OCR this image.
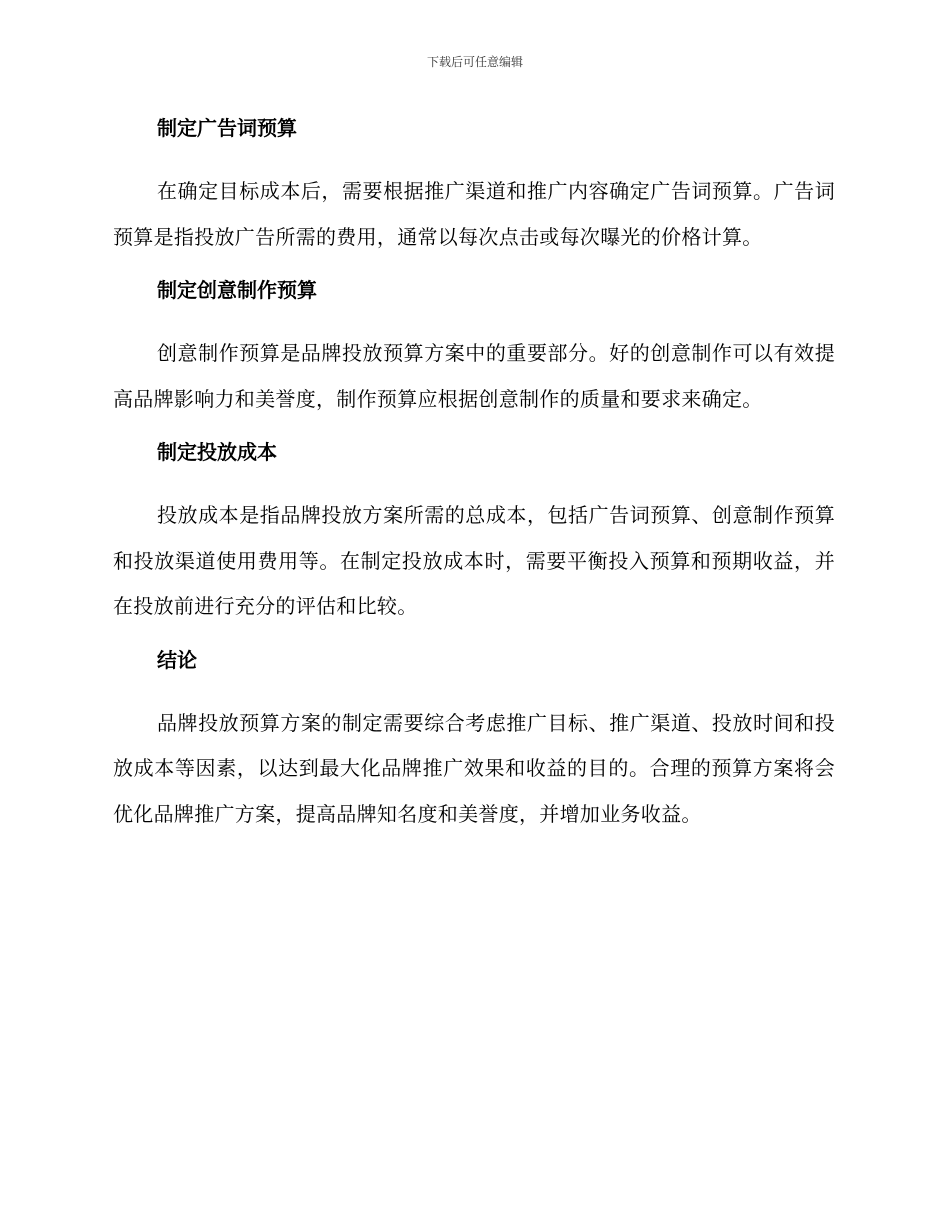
下载后可任意编辑
制定广告词预算

在确定目标成本后，需要根据推广渠道和推广内容确定广告词预算。广告词预算是指投放广告所需的费用，通常以每次点击或每次曝光的价格计算。

制定创意制作预算

创意制作预算是品牌投放预算方案中的重要部分。好的创意制作可以有效提高品牌影响力和美誉度，制作预算应根据创意制作的质量和要求来确定。

制定投放成本

投放成本是指品牌投放方案所需的总成本，包括广告词预算、创意制作预算和投放渠道使用费用等。在制定投放成本时，需要平衡投入预算和预期收益，并在投放前进行充分的评估和比较。

结论

品牌投放预算方案的制定需要综合考虑推广目标、推广渠道、投放时间和投放成本等因素，以达到最大化品牌推广效果和收益的目的。合理的预算方案将会优化品牌推广方案，提高品牌知名度和美誉度，并增加业务收益。
